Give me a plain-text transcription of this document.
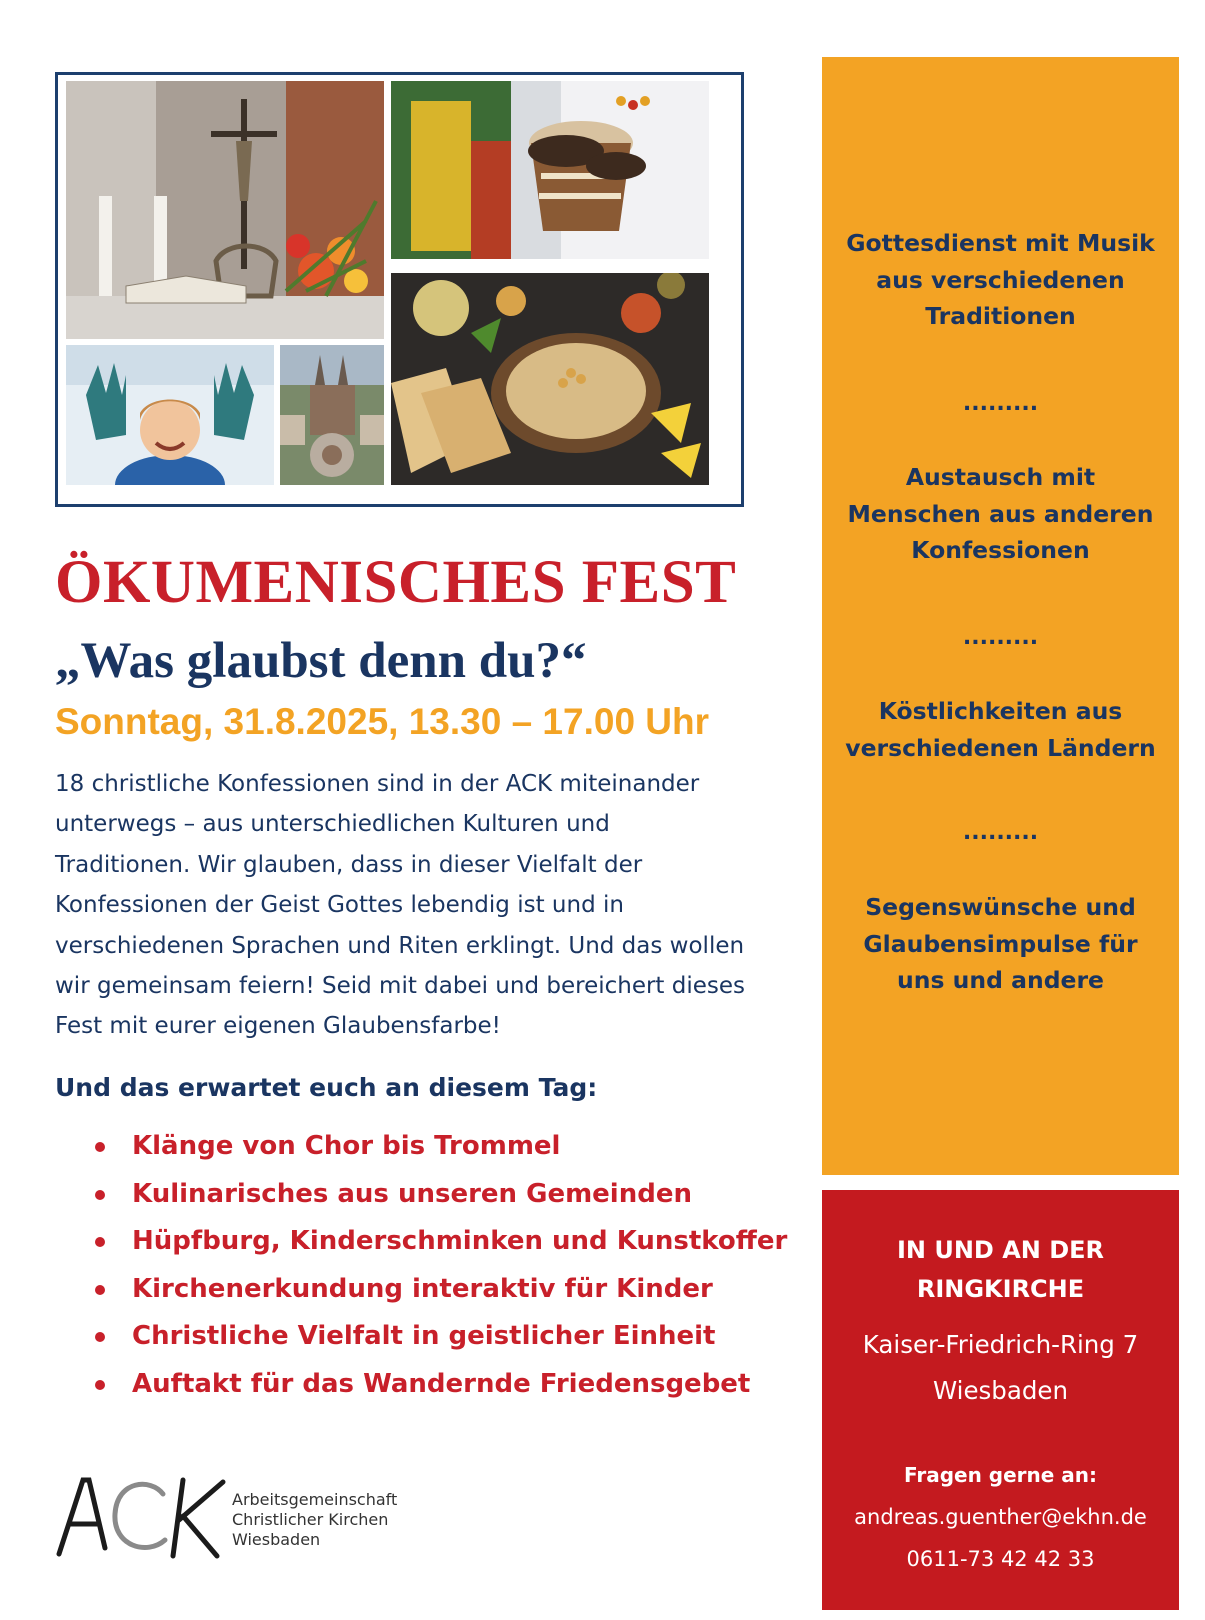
ÖKUMENISCHES FEST
„Was glaubst denn du?“
Sonntag, 31.8.2025, 13.30 – 17.00 Uhr

18 christliche Konfessionen sind in der ACK miteinander
unterwegs – aus unterschiedlichen Kulturen und
Traditionen. Wir glauben, dass in dieser Vielfalt der
Konfessionen der Geist Gottes lebendig ist und in
verschiedenen Sprachen und Riten erklingt. Und das wollen
wir gemeinsam feiern! Seid mit dabei und bereichert dieses
Fest mit eurer eigenen Glaubensfarbe!

Und das erwartet euch an diesem Tag:

Klänge von Chor bis Trommel
Kulinarisches aus unseren Gemeinden
Hüpfburg, Kinderschminken und Kunstkoffer
Kirchenerkundung interaktiv für Kinder
Christliche Vielfalt in geistlicher Einheit
Auftakt für das Wandernde Friedensgebet
Arbeitsgemeinschaft
Christlicher Kirchen
Wiesbaden

Gottesdienst mit Musik
aus verschiedenen
Traditionen

.........

Austausch mit
Menschen aus anderen
Konfessionen

.........

Köstlichkeiten aus
verschiedenen Ländern

.........

Segenswünsche und
Glaubensimpulse für
uns und andere

IN UND AN DER
RINGKIRCHE

Kaiser-Friedrich-Ring 7

Wiesbaden

Fragen gerne an:

andreas.guenther@ekhn.de

0611-73 42 42 33
